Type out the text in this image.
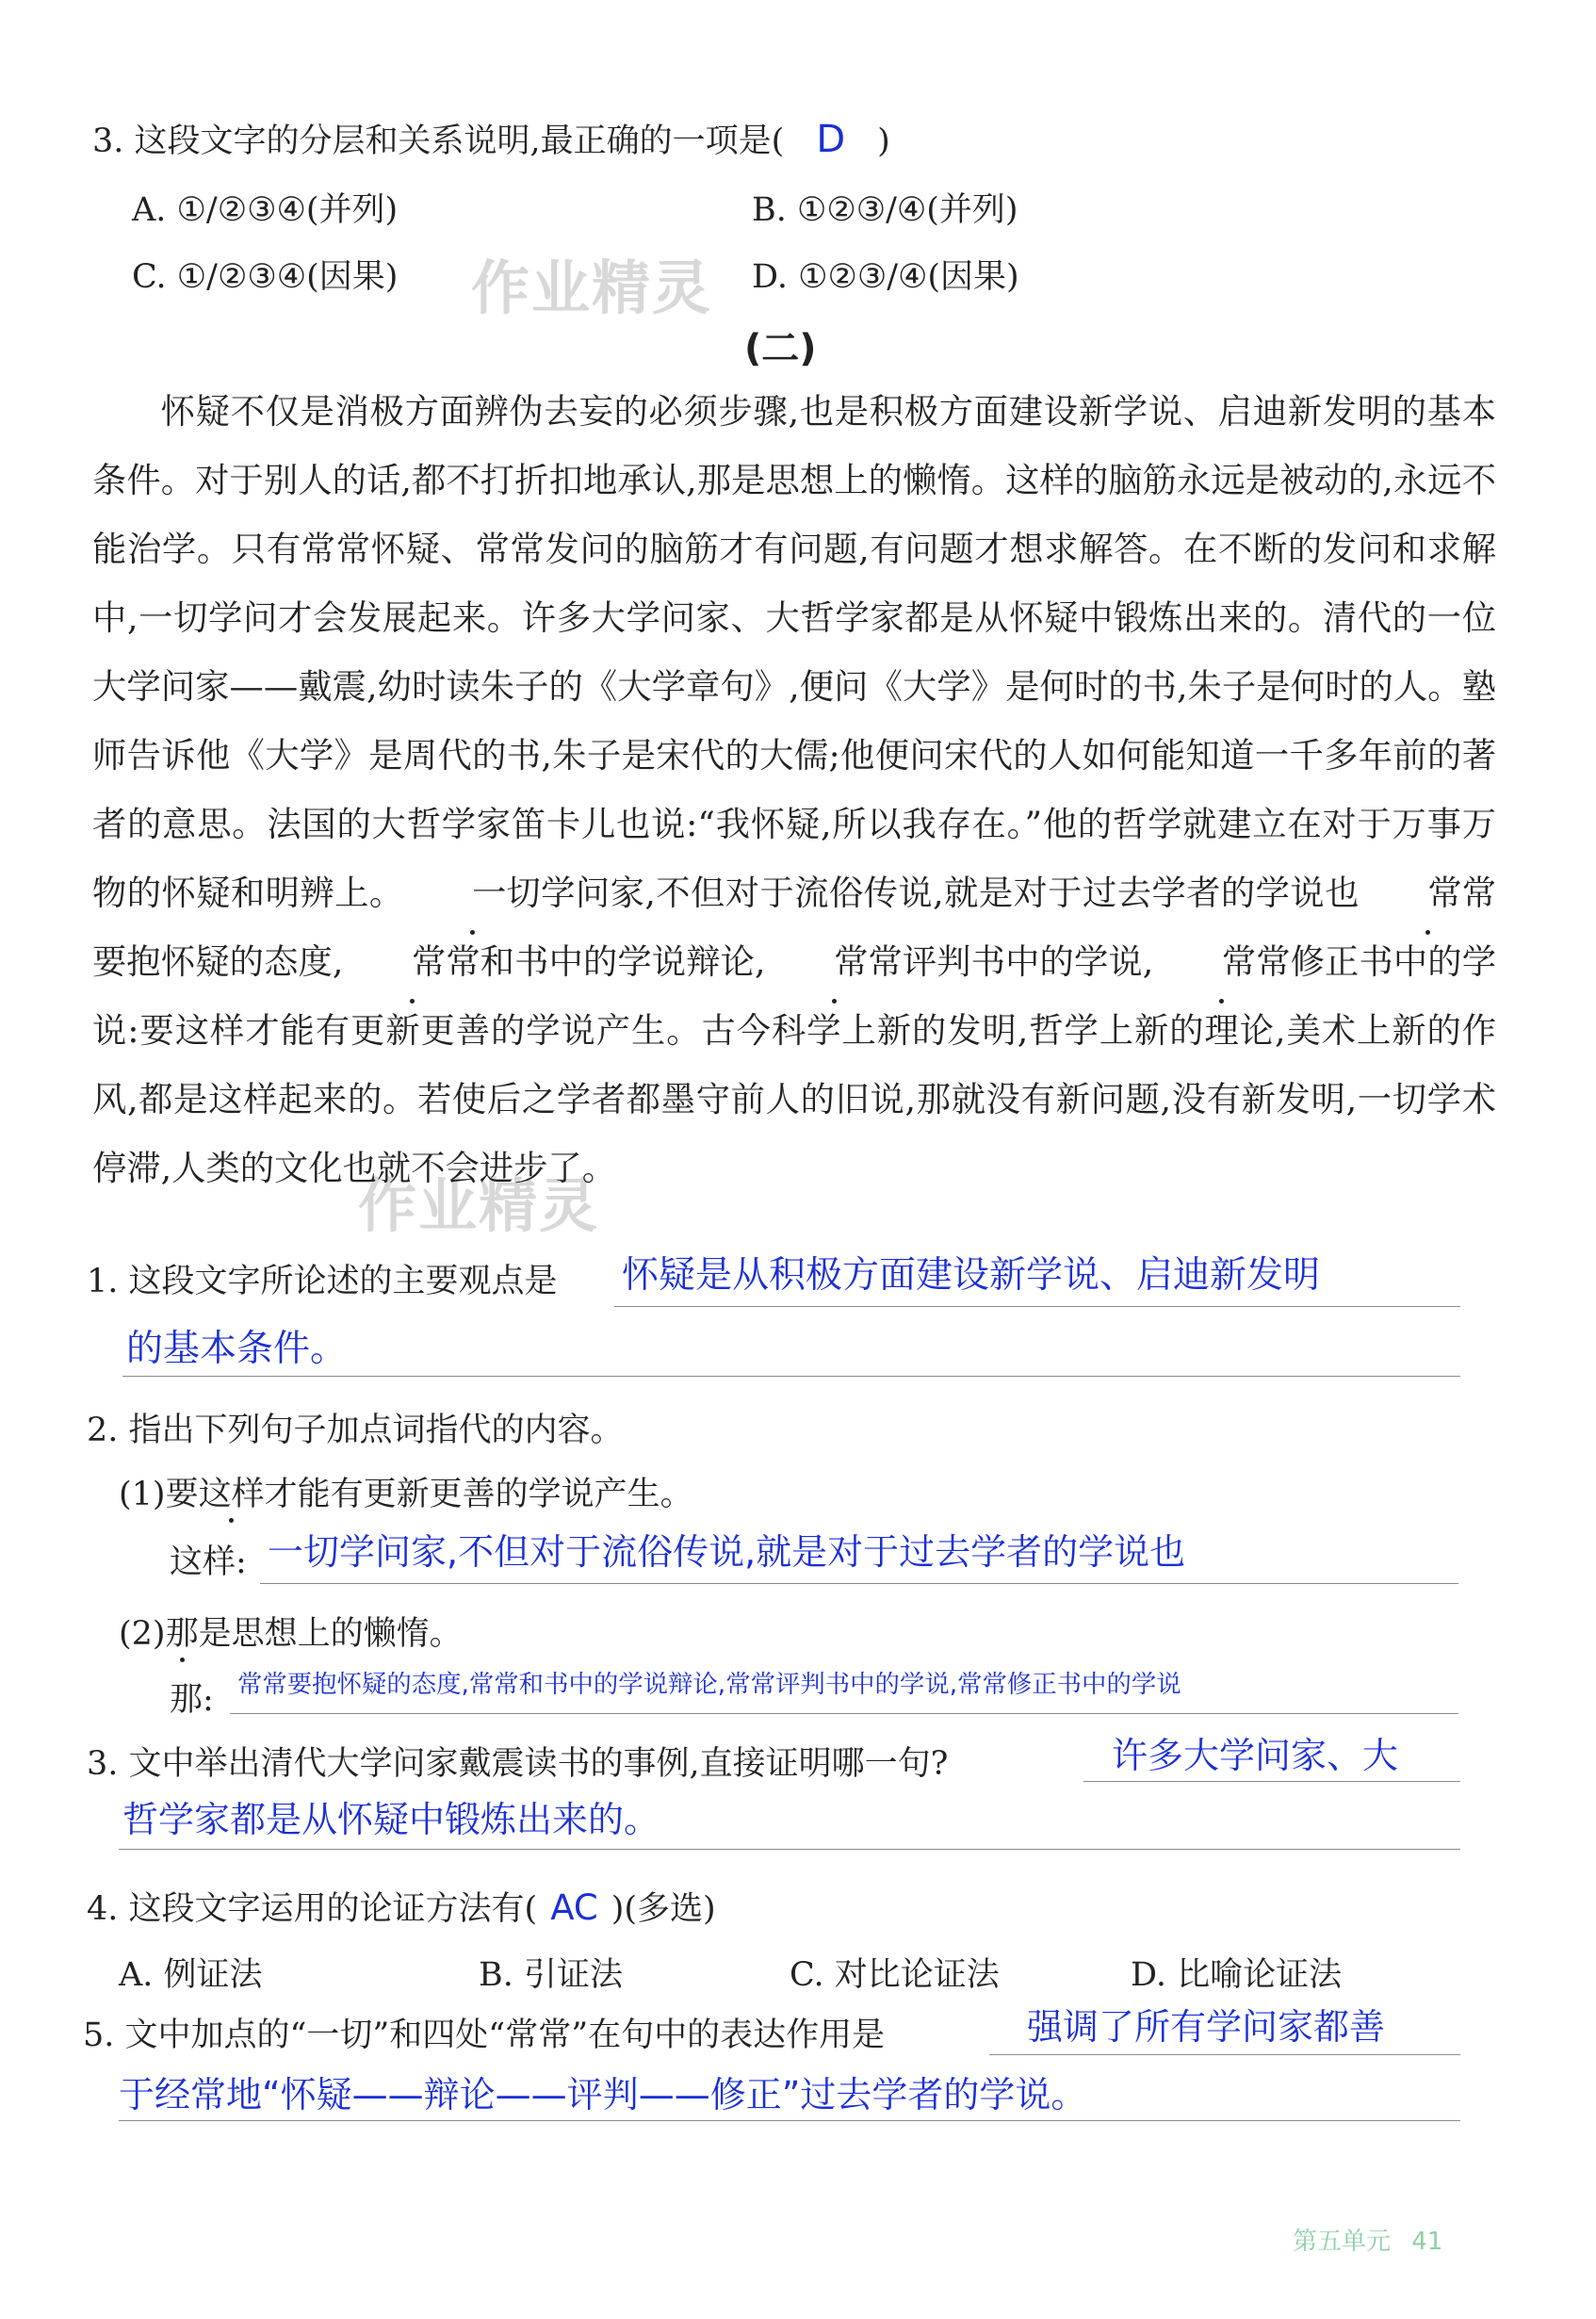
3. 这段文字的分层和关系说明,最正确的一项是( D )
A. ①/②③④(并列)	B. ①②③/④(并列)
C. ①/②③④(因果)	D. ①②③/④(因果)
作业精灵
作业精灵
(二)

怀疑不仅是消极方面辨伪去妄的必须步骤,也是积极方面建设新学说、启迪新发明的基本条件。对于别人的话,都不打折扣地承认,那是思想上的懒惰。这样的脑筋永远是被动的,永远不能治学。只有常常怀疑、常常发问的脑筋才有问题,有问题才想求解答。在不断的发问和求解中,一切学问才会发展起来。许多大学问家、大哲学家都是从怀疑中锻炼出来的。清代的一位大学问家——戴震,幼时读朱子的《大学章句》,便问《大学》是何时的书,朱子是何时的人。塾师告诉他《大学》是周代的书,朱子是宋代的大儒;他便问宋代的人如何能知道一千多年前的著者的意思。法国的大哲学家笛卡儿也说:“我怀疑,所以我存在。”他的哲学就建立在对于万事万物的怀疑和明辨上。 一切学问家,不但对于流俗传说,就是对于过去学者的学说也 常常要抱怀疑的态度, 常常和书中的学说辩论, 常常评判书中的学说, 常常修正书中的学说:要这样才能有更新更善的学说产生。古今科学上新的发明,哲学上新的理论,美术上新的作风,都是这样起来的。若使后之学者都墨守前人的旧说,那就没有新问题,没有新发明,一切学术停滞,人类的文化也就不会进步了。

1. 这段文字所论述的主要观点是 怀疑是从积极方面建设新学说、启迪新发明
的基本条件。
2. 指出下列句子加点词指代的内容。
(1)要这样才能有更新更善的学说产生。
这样: 一切学问家,不但对于流俗传说,就是对于过去学者的学说也
(2)那是思想上的懒惰。
那: 常常要抱怀疑的态度,常常和书中的学说辩论,常常评判书中的学说,常常修正书中的学说
3. 文中举出清代大学问家戴震读书的事例,直接证明哪一句?	许多大学问家、大
哲学家都是从怀疑中锻炼出来的。
4. 这段文字运用的论证方法有( AC )(多选)
A. 例证法	B. 引证法	C. 对比论证法	D. 比喻论证法
5. 文中加点的“一切”和四处“常常”在句中的表达作用是	强调了所有学问家都善
于经常地“怀疑——辩论——评判——修正”过去学者的学说。
第五单元 41
